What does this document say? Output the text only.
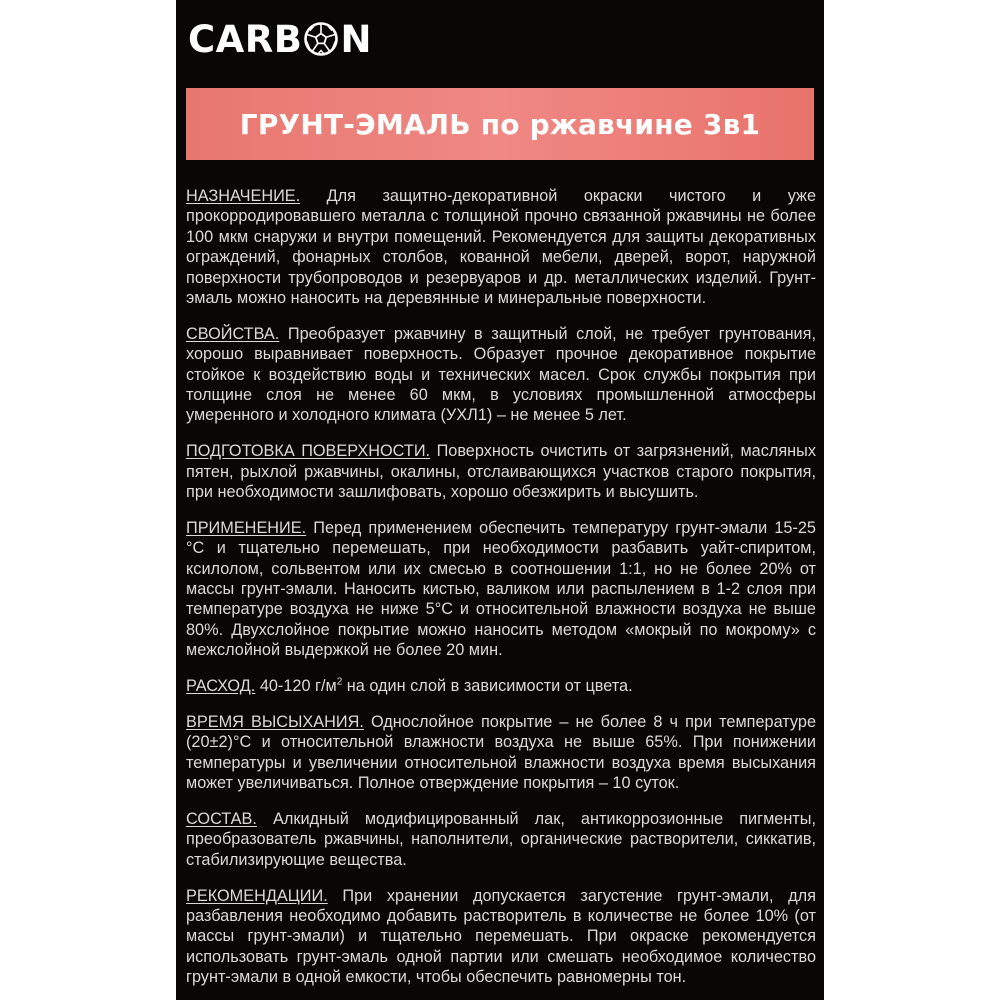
CARB N
ГРУНТ-ЭМАЛЬ по ржавчине 3в1

НАЗНАЧЕНИЕ. Для защитно-декоративной окраски чистого и уже прокорродировавшего металла с толщиной прочно связанной ржавчины не более 100 мкм снаружи и внутри помещений. Рекомендуется для защиты декоративных ограждений, фонарных столбов, кованной мебели, дверей, ворот, наружной поверхности трубопроводов и резервуаров и др. металлических изделий. Грунт-эмаль можно наносить на деревянные и минеральные поверхности.

СВОЙСТВА. Преобразует ржавчину в защитный слой, не требует грунтования, хорошо выравнивает поверхность. Образует прочное декоративное покрытие стойкое к воздействию воды и технических масел. Срок службы покрытия при толщине слоя не менее 60 мкм, в условиях промышленной атмосферы умеренного и холодного климата (УХЛ1) – не менее 5 лет.

ПОДГОТОВКА ПОВЕРХНОСТИ. Поверхность очистить от загрязнений, масляных пятен, рыхлой ржавчины, окалины, отслаивающихся участков старого покрытия, при необходимости зашлифовать, хорошо обезжирить и высушить.

ПРИМЕНЕНИЕ. Перед применением обеспечить температуру грунт-эмали 15-25 °С и тщательно перемешать, при необходимости разбавить уайт-спиритом, ксилолом, сольвентом или их смесью в соотношении 1:1, но не более 20% от массы грунт-эмали. Наносить кистью, валиком или распылением в 1-2 слоя при температуре воздуха не ниже 5°С и относительной влажности воздуха не выше 80%. Двухслойное покрытие можно наносить методом «мокрый по мокрому» с межслойной выдержкой не более 20 мин.

РАСХОД. 40-120 $г/м^2$ на один слой в зависимости от цвета.

ВРЕМЯ ВЫСЫХАНИЯ. Однослойное покрытие – не более 8 ч при температуре (20±2)°С и относительной влажности воздуха не выше 65%. При понижении температуры и увеличении относительной влажности воздуха время высыхания может увеличиваться. Полное отверждение покрытия – 10 суток.

СОСТАВ. Алкидный модифицированный лак, антикоррозионные пигменты, преобразователь ржавчины, наполнители, органические растворители, сиккатив, стабилизирующие вещества.

РЕКОМЕНДАЦИИ. При хранении допускается загустение грунт-эмали, для разбавления необходимо добавить растворитель в количестве не более 10% (от массы грунт-эмали) и тщательно перемешать. При окраске рекомендуется использовать грунт-эмаль одной партии или смешать необходимое количество грунт-эмали в одной емкости, чтобы обеспечить равномерны тон.
